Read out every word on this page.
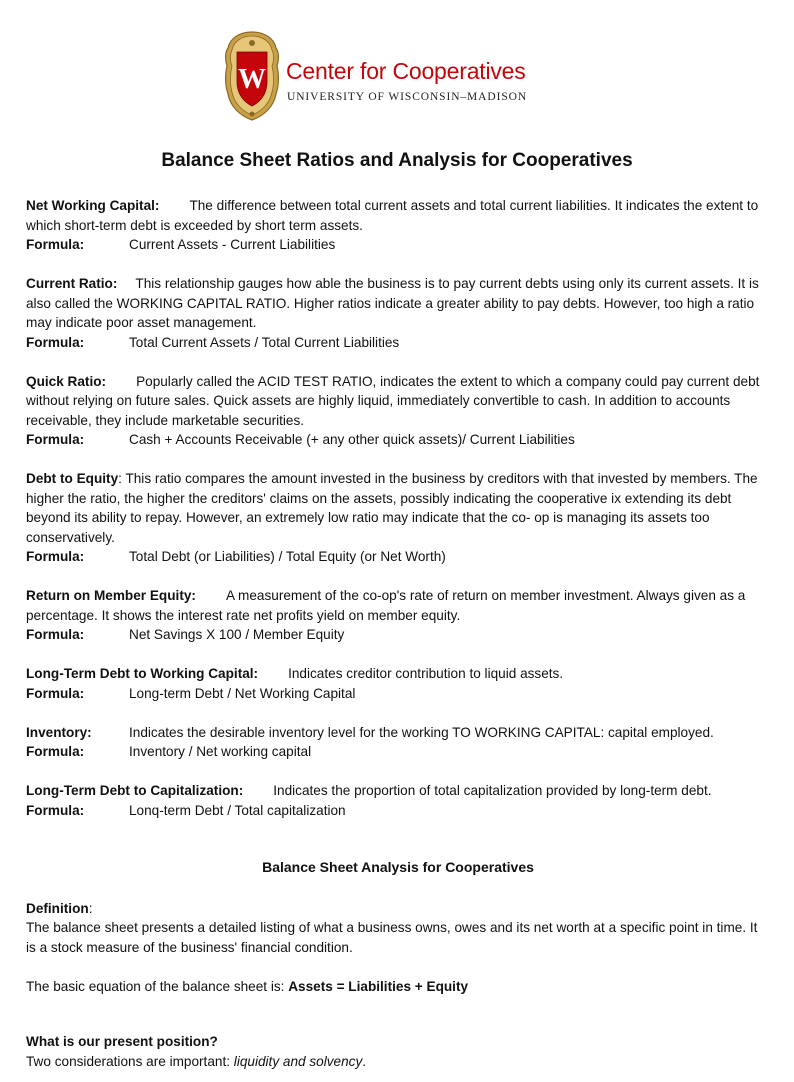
W Center for Cooperatives
UNIVERSITY OF WISCONSIN–MADISON
Balance Sheet Ratios and Analysis for Cooperatives

Net Working Capital: The difference between total current assets and total current liabilities. It indicates the extent to which short-term debt is exceeded by short term assets.

Formula:	Current Assets - Current Liabilities

Current Ratio: This relationship gauges how able the business is to pay current debts using only its current assets. It is also called the WORKING CAPITAL RATIO. Higher ratios indicate a greater ability to pay debts. However, too high a ratio may indicate poor asset management.

Formula:	Total Current Assets / Total Current Liabilities

Quick Ratio: Popularly called the ACID TEST RATIO, indicates the extent to which a company could pay current debt without relying on future sales. Quick assets are highly liquid, immediately convertible to cash. In addition to accounts receivable, they include marketable securities.

Formula:	Cash + Accounts Receivable (+ any other quick assets)/ Current Liabilities

Debt to Equity: This ratio compares the amount invested in the business by creditors with that invested by members. The higher the ratio, the higher the creditors' claims on the assets, possibly indicating the cooperative ix extending its debt beyond its ability to repay. However, an extremely low ratio may indicate that the co- op is managing its assets too conservatively.

Formula:	Total Debt (or Liabilities) / Total Equity (or Net Worth)

Return on Member Equity: A measurement of the co-op's rate of return on member investment. Always given as a percentage. It shows the interest rate net profits yield on member equity.

Formula:	Net Savings X 100 / Member Equity

Long-Term Debt to Working Capital: Indicates creditor contribution to liquid assets.

Formula:	Long-term Debt / Net Working Capital
Inventory:	Indicates the desirable inventory level for the working TO WORKING CAPITAL: capital employed.
Formula:	Inventory / Net working capital

Long-Term Debt to Capitalization: Indicates the proportion of total capitalization provided by long-term debt.

Formula:	Lonq-term Debt / Total capitalization
Balance Sheet Analysis for Cooperatives

Definition:

The balance sheet presents a detailed listing of what a business owns, owes and its net worth at a specific point in time. It is a stock measure of the business' financial condition.

The basic equation of the balance sheet is: Assets = Liabilities + Equity

What is our present position?

Two considerations are important: liquidity and solvency.
